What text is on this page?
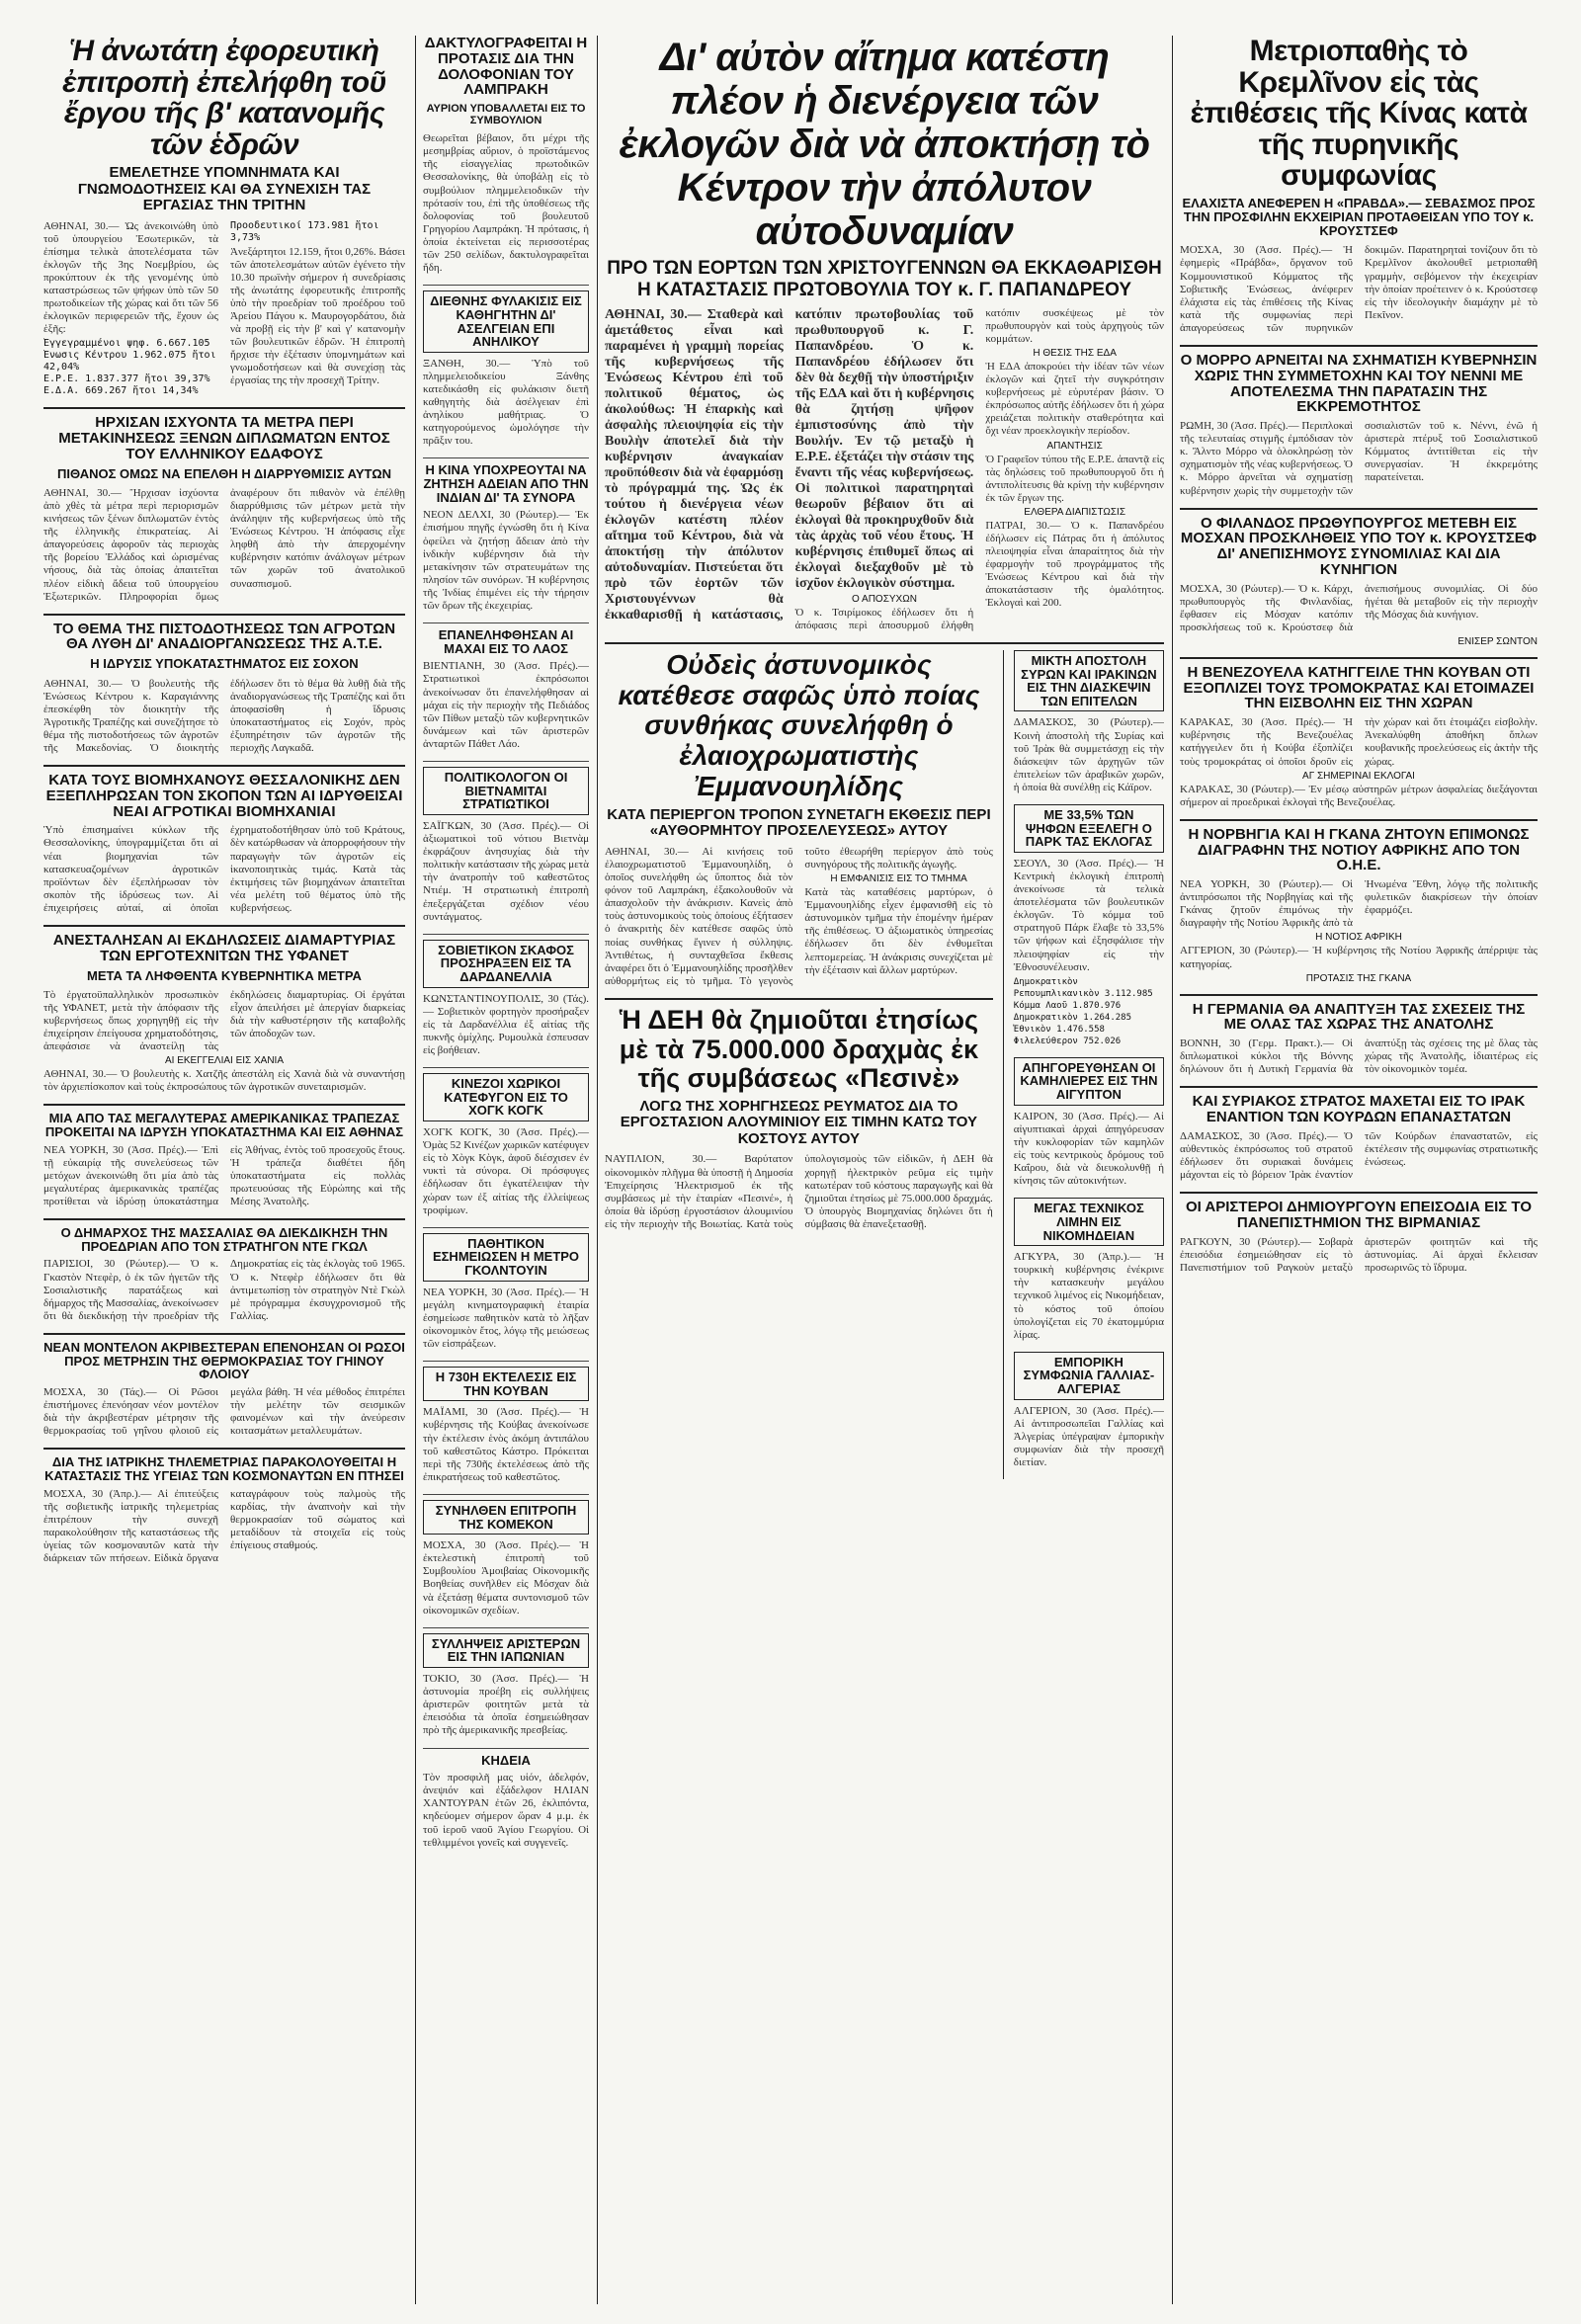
Ἡ ἀνωτάτη ἐφορευτικὴ ἐπιτροπὴ ἐπελήφθη τοῦ ἔργου τῆς β' κατανομῆς τῶν ἑδρῶν
ΕΜΕΛΕΤΗΣΕ ΥΠΟΜΝΗΜΑΤΑ ΚΑΙ ΓΝΩΜΟΔΟΤΗΣΕΙΣ ΚΑΙ ΘΑ ΣΥΝΕΧΙΣΗ ΤΑΣ ΕΡΓΑΣΙΑΣ ΤΗΝ ΤΡΙΤΗΝ

ΑΘΗΝΑΙ, 30.— Ὡς ἀνεκοινώθη ὑπὸ τοῦ ὑπουργείου Ἐσωτερικῶν, τὰ ἐπίσημα τελικὰ ἀποτελέσματα τῶν ἐκλογῶν τῆς 3ης Νοεμβρίου, ὡς προκύπτουν ἐκ τῆς γενομένης ὑπὸ καταστρώσεως τῶν ψήφων ὑπὸ τῶν 50 πρωτοδικείων τῆς χώρας καὶ ὅτι τῶν 56 ἐκλογικῶν περιφερειῶν τῆς, ἔχουν ὡς ἑξῆς:

Ἐγγεγραμμένοι ψηφ. 6.667.105
Ἕνωσις Κέντρου 1.962.075 ἤτοι 42,04%
Ε.Ρ.Ε. 1.837.377 ἤτοι 39,37%
Ε.Δ.Α. 669.267 ἤτοι 14,34%
Προοδευτικοί 173.981 ἤτοι 3,73%

Ἀνεξάρτητοι 12.159, ἤτοι 0,26%. Βάσει τῶν ἀποτελεσμάτων αὐτῶν ἐγένετο τὴν 10.30 πρωϊνὴν σήμερον ἡ συνεδρίασις τῆς ἀνωτάτης ἐφορευτικῆς ἐπιτροπῆς ὑπὸ τὴν προεδρίαν τοῦ προέδρου τοῦ Ἀρείου Πάγου κ. Μαυρογορδάτου, διὰ νὰ προβῇ εἰς τὴν β' καὶ γ' κατανομὴν τῶν βουλευτικῶν ἑδρῶν. Ἡ ἐπιτροπὴ ἤρχισε τὴν ἐξέτασιν ὑπομνημάτων καὶ γνωμοδοτήσεων καὶ θὰ συνεχίσῃ τὰς ἐργασίας της τὴν προσεχῆ Τρίτην.

ΗΡΧΙΣΑΝ ΙΣΧΥΟΝΤΑ ΤΑ ΜΕΤΡΑ ΠΕΡΙ ΜΕΤΑΚΙΝΗΣΕΩΣ ΞΕΝΩΝ ΔΙΠΛΩΜΑΤΩΝ ΕΝΤΟΣ ΤΟΥ ΕΛΛΗΝΙΚΟΥ ΕΔΑΦΟΥΣ
ΠΙΘΑΝΟΣ ΟΜΩΣ ΝΑ ΕΠΕΛΘΗ Η ΔΙΑΡΡΥΘΜΙΣΙΣ ΑΥΤΩΝ

ΑΘΗΝΑΙ, 30.— Ἤρχισαν ἰσχύοντα ἀπὸ χθὲς τὰ μέτρα περὶ περιορισμῶν κινήσεως τῶν ξένων διπλωματῶν ἐντὸς τῆς ἑλληνικῆς ἐπικρατείας. Αἱ ἀπαγορεύσεις ἀφοροῦν τὰς περιοχὰς τῆς βορείου Ἑλλάδος καὶ ὡρισμένας νήσους, διὰ τὰς ὁποίας ἀπαιτεῖται πλέον εἰδικὴ ἄδεια τοῦ ὑπουργείου Ἐξωτερικῶν. Πληροφορίαι ὅμως ἀναφέρουν ὅτι πιθανὸν νὰ ἐπέλθῃ διαρρύθμισις τῶν μέτρων μετὰ τὴν ἀνάληψιν τῆς κυβερνήσεως ὑπὸ τῆς Ἑνώσεως Κέντρου. Ἡ ἀπόφασις εἶχε ληφθῆ ἀπὸ τὴν ἀπερχομένην κυβέρνησιν κατόπιν ἀνάλογων μέτρων τῶν χωρῶν τοῦ ἀνατολικοῦ συνασπισμοῦ.

ΤΟ ΘΕΜΑ ΤΗΣ ΠΙΣΤΟΔΟΤΗΣΕΩΣ ΤΩΝ ΑΓΡΟΤΩΝ ΘΑ ΛΥΘΗ ΔΙ' ΑΝΑΔΙΟΡΓΑΝΩΣΕΩΣ ΤΗΣ Α.Τ.Ε.
Η ΙΔΡΥΣΙΣ ΥΠΟΚΑΤΑΣΤΗΜΑΤΟΣ ΕΙΣ ΣΟΧΟΝ

ΑΘΗΝΑΙ, 30.— Ὁ βουλευτὴς τῆς Ἑνώσεως Κέντρου κ. Καραγιάννης ἐπεσκέφθη τὸν διοικητὴν τῆς Ἀγροτικῆς Τραπέζης καὶ συνεζήτησε τὸ θέμα τῆς πιστοδοτήσεως τῶν ἀγροτῶν τῆς Μακεδονίας. Ὁ διοικητὴς ἐδήλωσεν ὅτι τὸ θέμα θὰ λυθῇ διὰ τῆς ἀναδιοργανώσεως τῆς Τραπέζης καὶ ὅτι ἀποφασίσθη ἡ ἵδρυσις ὑποκαταστήματος εἰς Σοχόν, πρὸς ἐξυπηρέτησιν τῶν ἀγροτῶν τῆς περιοχῆς Λαγκαδᾶ.

ΚΑΤΑ ΤΟΥΣ ΒΙΟΜΗΧΑΝΟΥΣ ΘΕΣΣΑΛΟΝΙΚΗΣ ΔΕΝ ΕΞΕΠΛΗΡΩΣΑΝ ΤΟΝ ΣΚΟΠΟΝ ΤΩΝ ΑΙ ΙΔΡΥΘΕΙΣΑΙ ΝΕΑΙ ΑΓΡΟΤΙΚΑΙ ΒΙΟΜΗΧΑΝΙΑΙ

Ὑπὸ ἐπισημαίνει κύκλων τῆς Θεσσαλονίκης, ὑπογραμμίζεται ὅτι αἱ νέαι βιομηχανίαι τῶν κατασκευαζομένων ἀγροτικῶν προϊόντων δὲν ἐξεπλήρωσαν τὸν σκοπὸν τῆς ἱδρύσεως των. Αἱ ἐπιχειρήσεις αὐταί, αἱ ὁποῖαι ἐχρηματοδοτήθησαν ὑπὸ τοῦ Κράτους, δὲν κατώρθωσαν νὰ ἀπορροφήσουν τὴν παραγωγὴν τῶν ἀγροτῶν εἰς ἱκανοποιητικὰς τιμάς. Κατὰ τὰς ἐκτιμήσεις τῶν βιομηχάνων ἀπαιτεῖται νέα μελέτη τοῦ θέματος ὑπὸ τῆς κυβερνήσεως.

ΑΝΕΣΤΑΛΗΣΑΝ ΑΙ ΕΚΔΗΛΩΣΕΙΣ ΔΙΑΜΑΡΤΥΡΙΑΣ ΤΩΝ ΕΡΓΟΤΕΧΝΙΤΩΝ ΤΗΣ ΥΦΑΝΕΤ
ΜΕΤΑ ΤΑ ΛΗΦΘΕΝΤΑ ΚΥΒΕΡΝΗΤΙΚΑ ΜΕΤΡΑ

Τὸ ἐργατοϋπαλληλικὸν προσωπικὸν τῆς ΥΦΑΝΕΤ, μετὰ τὴν ἀπόφασιν τῆς κυβερνήσεως ὅπως χορηγηθῇ εἰς τὴν ἐπιχείρησιν ἐπείγουσα χρηματοδότησις, ἀπεφάσισε νὰ ἀναστείλῃ τὰς ἐκδηλώσεις διαμαρτυρίας. Οἱ ἐργάται εἶχον ἀπειλήσει μὲ ἀπεργίαν διαρκείας διὰ τὴν καθυστέρησιν τῆς καταβολῆς τῶν ἀποδοχῶν των.

ΑΙ ΕΚΕΓΓΕΛΙΑΙ ΕΙΣ ΧΑΝΙΑ

ΑΘΗΝΑΙ, 30.— Ὁ βουλευτὴς κ. Χατζῆς ἀπεστάλη εἰς Χανιὰ διὰ νὰ συναντήσῃ τὸν ἀρχιεπίσκοπον καὶ τοὺς ἐκπροσώπους τῶν ἀγροτικῶν συνεταιρισμῶν.

ΜΙΑ ΑΠΟ ΤΑΣ ΜΕΓΑΛΥΤΕΡΑΣ ΑΜΕΡΙΚΑΝΙΚΑΣ ΤΡΑΠΕΖΑΣ ΠΡΟΚΕΙΤΑΙ ΝΑ ΙΔΡΥΣΗ ΥΠΟΚΑΤΑΣΤΗΜΑ ΚΑΙ ΕΙΣ ΑΘΗΝΑΣ

ΝΕΑ ΥΟΡΚΗ, 30 (Ἀσσ. Πρές).— Ἐπὶ τῇ εὐκαιρίᾳ τῆς συνελεύσεως τῶν μετόχων ἀνεκοινώθη ὅτι μία ἀπὸ τὰς μεγαλυτέρας ἀμερικανικὰς τραπέζας προτίθεται νὰ ἱδρύσῃ ὑποκατάστημα εἰς Ἀθήνας, ἐντὸς τοῦ προσεχοῦς ἔτους. Ἡ τράπεζα διαθέτει ἤδη ὑποκαταστήματα εἰς πολλὰς πρωτευούσας τῆς Εὐρώπης καὶ τῆς Μέσης Ἀνατολῆς.

Ο ΔΗΜΑΡΧΟΣ ΤΗΣ ΜΑΣΣΑΛΙΑΣ ΘΑ ΔΙΕΚΔΙΚΗΣΗ ΤΗΝ ΠΡΟΕΔΡΙΑΝ ΑΠΟ ΤΟΝ ΣΤΡΑΤΗΓΟΝ ΝΤΕ ΓΚΩΛ

ΠΑΡΙΣΙΟΙ, 30 (Ρώυτερ).— Ὁ κ. Γκαστὸν Ντεφὲρ, ὁ ἐκ τῶν ἡγετῶν τῆς Σοσιαλιστικῆς παρατάξεως καὶ δήμαρχος τῆς Μασσαλίας, ἀνεκοίνωσεν ὅτι θὰ διεκδικήσῃ τὴν προεδρίαν τῆς Δημοκρατίας εἰς τὰς ἐκλογὰς τοῦ 1965. Ὁ κ. Ντεφὲρ ἐδήλωσεν ὅτι θὰ ἀντιμετωπίσῃ τὸν στρατηγὸν Ντὲ Γκὼλ μὲ πρόγραμμα ἐκσυγχρονισμοῦ τῆς Γαλλίας.

ΝΕΑΝ ΜΟΝΤΕΛΟΝ ΑΚΡΙΒΕΣΤΕΡΑΝ ΕΠΕΝΟΗΣΑΝ ΟΙ ΡΩΣΟΙ ΠΡΟΣ ΜΕΤΡΗΣΙΝ ΤΗΣ ΘΕΡΜΟΚΡΑΣΙΑΣ ΤΟΥ ΓΗΙΝΟΥ ΦΛΟΙΟΥ

ΜΟΣΧΑ, 30 (Τάς).— Οἱ Ρῶσοι ἐπιστήμονες ἐπενόησαν νέον μοντέλον διὰ τὴν ἀκριβεστέραν μέτρησιν τῆς θερμοκρασίας τοῦ γηΐνου φλοιοῦ εἰς μεγάλα βάθη. Ἡ νέα μέθοδος ἐπιτρέπει τὴν μελέτην τῶν σεισμικῶν φαινομένων καὶ τὴν ἀνεύρεσιν κοιτασμάτων μεταλλευμάτων.

ΔΙΑ ΤΗΣ ΙΑΤΡΙΚΗΣ ΤΗΛΕΜΕΤΡΙΑΣ ΠΑΡΑΚΟΛΟΥΘΕΙΤΑΙ Η ΚΑΤΑΣΤΑΣΙΣ ΤΗΣ ΥΓΕΙΑΣ ΤΩΝ ΚΟΣΜΟΝΑΥΤΩΝ ΕΝ ΠΤΗΣΕΙ

ΜΟΣΧΑ, 30 (Ἀπρ.).— Αἱ ἐπιτεύξεις τῆς σοβιετικῆς ἰατρικῆς τηλεμετρίας ἐπιτρέπουν τὴν συνεχῆ παρακολούθησιν τῆς καταστάσεως τῆς ὑγείας τῶν κοσμοναυτῶν κατὰ τὴν διάρκειαν τῶν πτήσεων. Εἰδικὰ ὄργανα καταγράφουν τοὺς παλμοὺς τῆς καρδίας, τὴν ἀναπνοὴν καὶ τὴν θερμοκρασίαν τοῦ σώματος καὶ μεταδίδουν τὰ στοιχεῖα εἰς τοὺς ἐπίγειους σταθμούς.

ΔΑΚΤΥΛΟΓΡΑΦΕΙΤΑΙ Η ΠΡΟΤΑΣΙΣ ΔΙΑ ΤΗΝ ΔΟΛΟΦΟΝΙΑΝ ΤΟΥ ΛΑΜΠΡΑΚΗ
ΑΥΡΙΟΝ ΥΠΟΒΑΛΛΕΤΑΙ ΕΙΣ ΤΟ ΣΥΜΒΟΥΛΙΟΝ

Θεωρεῖται βέβαιον, ὅτι μέχρι τῆς μεσημβρίας αὔριον, ὁ προϊστάμενος τῆς εἰσαγγελίας πρωτοδικῶν Θεσσαλονίκης, θὰ ὑποβάλῃ εἰς τὸ συμβούλιον πλημμελειοδικῶν τὴν πρότασίν του, ἐπὶ τῆς ὑποθέσεως τῆς δολοφονίας τοῦ βουλευτοῦ Γρηγορίου Λαμπράκη. Ἡ πρότασις, ἡ ὁποία ἐκτείνεται εἰς περισσοτέρας τῶν 250 σελίδων, δακτυλογραφεῖται ἤδη.

ΔΙΕΘΝΗΣ ΦΥΛΑΚΙΣΙΣ ΕΙΣ ΚΑΘΗΓΗΤΗΝ ΔΙ' ΑΣΕΛΓΕΙΑΝ ΕΠΙ ΑΝΗΛΙΚΟΥ

ΞΑΝΘΗ, 30.— Ὑπὸ τοῦ πλημμελειοδικείου Ξάνθης κατεδικάσθη εἰς φυλάκισιν διετῆ καθηγητὴς διὰ ἀσέλγειαν ἐπὶ ἀνηλίκου μαθήτριας. Ὁ κατηγορούμενος ὡμολόγησε τὴν πρᾶξιν του.

Η ΚΙΝΑ ΥΠΟΧΡΕΟΥΤΑΙ ΝΑ ΖΗΤΗΣΗ ΑΔΕΙΑΝ ΑΠΟ ΤΗΝ ΙΝΔΙΑΝ ΔΙ' ΤΑ ΣΥΝΟΡΑ

ΝΕΟΝ ΔΕΛΧΙ, 30 (Ρώυτερ).— Ἐκ ἐπισήμου πηγῆς ἐγνώσθη ὅτι ἡ Κίνα ὀφείλει νὰ ζητήσῃ ἄδειαν ἀπὸ τὴν ἰνδικὴν κυβέρνησιν διὰ τὴν μετακίνησιν τῶν στρατευμάτων της πλησίον τῶν συνόρων. Ἡ κυβέρνησις τῆς Ἰνδίας ἐπιμένει εἰς τὴν τήρησιν τῶν ὅρων τῆς ἐκεχειρίας.

ΕΠΑΝΕΛΗΦΘΗΣΑΝ ΑΙ ΜΑΧΑΙ ΕΙΣ ΤΟ ΛΑΟΣ

ΒΙΕΝΤΙΑΝΗ, 30 (Ἀσσ. Πρές).— Στρατιωτικοὶ ἐκπρόσωποι ἀνεκοίνωσαν ὅτι ἐπανελήφθησαν αἱ μάχαι εἰς τὴν περιοχὴν τῆς Πεδιάδος τῶν Πίθων μεταξὺ τῶν κυβερνητικῶν δυνάμεων καὶ τῶν ἀριστερῶν ἀνταρτῶν Πάθετ Λάο.

ΠΟΛΙΤΙΚΟΛΟΓΟΝ ΟΙ ΒΙΕΤΝΑΜΙΤΑΙ ΣΤΡΑΤΙΩΤΙΚΟΙ

ΣΑΪΓΚΩΝ, 30 (Ἀσσ. Πρές).— Οἱ ἀξιωματικοὶ τοῦ νότιου Βιετνὰμ ἐκφράζουν ἀνησυχίας διὰ τὴν πολιτικὴν κατάστασιν τῆς χώρας μετὰ τὴν ἀνατροπὴν τοῦ καθεστῶτος Ντιέμ. Ἡ στρατιωτικὴ ἐπιτροπὴ ἐπεξεργάζεται σχέδιον νέου συντάγματος.

ΣΟΒΙΕΤΙΚΟΝ ΣΚΑΦΟΣ ΠΡΟΣΗΡΑΞΕΝ ΕΙΣ ΤΑ ΔΑΡΔΑΝΕΛΛΙΑ

ΚΩΝΣΤΑΝΤΙΝΟΥΠΟΛΙΣ, 30 (Τάς).— Σοβιετικὸν φορτηγὸν προσήραξεν εἰς τὰ Δαρδανέλλια ἐξ αἰτίας τῆς πυκνῆς ὁμίχλης. Ρυμουλκὰ ἐσπευσαν εἰς βοήθειαν.

ΚΙΝΕΖΟΙ ΧΩΡΙΚΟΙ ΚΑΤΕΦΥΓΟΝ ΕΙΣ ΤΟ ΧΟΓΚ ΚΟΓΚ

ΧΟΓΚ ΚΟΓΚ, 30 (Ἀσσ. Πρές).— Ὁμὰς 52 Κινέζων χωρικῶν κατέφυγεν εἰς τὸ Χὸγκ Κὸγκ, ἀφοῦ διέσχισεν ἐν νυκτὶ τὰ σύνορα. Οἱ πρόσφυγες ἐδήλωσαν ὅτι ἐγκατέλειψαν τὴν χώραν των ἐξ αἰτίας τῆς ἐλλείψεως τροφίμων.

ΠΑΘΗΤΙΚΟΝ ΕΣΗΜΕΙΩΣΕΝ Η ΜΕΤΡΟ ΓΚΟΛΝΤΟΥΙΝ

ΝΕΑ ΥΟΡΚΗ, 30 (Ἀσσ. Πρές).— Ἡ μεγάλη κινηματογραφικὴ ἑταιρία ἐσημείωσε παθητικὸν κατὰ τὸ λῆξαν οἰκονομικὸν ἔτος, λόγῳ τῆς μειώσεως τῶν εἰσπράξεων.

Η 730Η ΕΚΤΕΛΕΣΙΣ ΕΙΣ ΤΗΝ ΚΟΥΒΑΝ

ΜΑΪΑΜΙ, 30 (Ἀσσ. Πρές).— Ἡ κυβέρνησις τῆς Κούβας ἀνεκοίνωσε τὴν ἐκτέλεσιν ἑνὸς ἀκόμη ἀντιπάλου τοῦ καθεστῶτος Κάστρο. Πρόκειται περὶ τῆς 730ῆς ἐκτελέσεως ἀπὸ τῆς ἐπικρατήσεως τοῦ καθεστῶτος.

ΣΥΝΗΛΘΕΝ ΕΠΙΤΡΟΠΗ ΤΗΣ ΚΟΜΕΚΟΝ

ΜΟΣΧΑ, 30 (Ἀσσ. Πρές).— Ἡ ἐκτελεστικὴ ἐπιτροπὴ τοῦ Συμβουλίου Ἀμοιβαίας Οἰκονομικῆς Βοηθείας συνῆλθεν εἰς Μόσχαν διὰ νὰ ἐξετάσῃ θέματα συντονισμοῦ τῶν οἰκονομικῶν σχεδίων.

ΣΥΛΛΗΨΕΙΣ ΑΡΙΣΤΕΡΩΝ ΕΙΣ ΤΗΝ ΙΑΠΩΝΙΑΝ

ΤΟΚΙΟ, 30 (Ἀσσ. Πρές).— Ἡ ἀστυνομία προέβη εἰς συλλήψεις ἀριστερῶν φοιτητῶν μετὰ τὰ ἐπεισόδια τὰ ὁποῖα ἐσημειώθησαν πρὸ τῆς ἀμερικανικῆς πρεσβείας.

ΚΗΔΕΙΑ

Τὸν προσφιλῆ μας υἱόν, ἀδελφόν, ἀνεψιόν καὶ ἐξάδελφον ΗΛΙΑΝ ΧΑΝΤΟΥΡΑΝ ἐτῶν 26, ἐκλιπόντα, κηδεύομεν σήμερον ὥραν 4 μ.μ. ἐκ τοῦ ἰεροῦ ναοῦ Ἁγίου Γεωργίου. Οἱ τεθλιμμένοι γονεῖς καὶ συγγενεῖς.

Δι' αὐτὸν αἴτημα κατέστη πλέον ἡ διενέργεια τῶν ἐκλογῶν διὰ νὰ ἀποκτήσῃ τὸ Κέντρον τὴν ἀπόλυτον αὐτοδυναμίαν
ΠΡΟ ΤΩΝ ΕΟΡΤΩΝ ΤΩΝ ΧΡΙΣΤΟΥΓΕΝΝΩΝ ΘΑ ΕΚΚΑΘΑΡΙΣΘΗ Η ΚΑΤΑΣΤΑΣΙΣ ΠΡΩΤΟΒΟΥΛΙΑ ΤΟΥ κ. Γ. ΠΑΠΑΝΔΡΕΟΥ

ΑΘΗΝΑΙ, 30.— Σταθερὰ καὶ ἀμετάθετος εἶναι καὶ παραμένει ἡ γραμμὴ πορείας τῆς κυβερνήσεως τῆς Ἑνώσεως Κέντρου ἐπὶ τοῦ πολιτικοῦ θέματος, ὡς ἀκολούθως: Ἡ ἐπαρκὴς καὶ ἀσφαλὴς πλειοψηφία εἰς τὴν Βουλὴν ἀποτελεῖ διὰ τὴν κυβέρνησιν ἀναγκαίαν προϋπόθεσιν διὰ νὰ ἐφαρμόσῃ τὸ πρόγραμμά της. Ὡς ἐκ τούτου ἡ διενέργεια νέων ἐκλογῶν κατέστη πλέον αἴτημα τοῦ Κέντρου, διὰ νὰ ἀποκτήσῃ τὴν ἀπόλυτον αὐτοδυναμίαν. Πιστεύεται ὅτι πρὸ τῶν ἑορτῶν τῶν Χριστουγέννων θὰ ἐκκαθαρισθῇ ἡ κατάστασις, κατόπιν πρωτοβουλίας τοῦ πρωθυπουργοῦ κ. Γ. Παπανδρέου. Ὁ κ. Παπανδρέου ἐδήλωσεν ὅτι δὲν θὰ δεχθῇ τὴν ὑποστήριξιν τῆς ΕΔΑ καὶ ὅτι ἡ κυβέρνησις θὰ ζητήσῃ ψῆφον ἐμπιστοσύνης ἀπὸ τὴν Βουλήν. Ἐν τῷ μεταξὺ ἡ Ε.Ρ.Ε. ἐξετάζει τὴν στάσιν της ἔναντι τῆς νέας κυβερνήσεως. Οἱ πολιτικοὶ παρατηρηταὶ θεωροῦν βέβαιον ὅτι αἱ ἐκλογαὶ θὰ προκηρυχθοῦν διὰ τὰς ἀρχὰς τοῦ νέου ἔτους. Ἡ κυβέρνησις ἐπιθυμεῖ ὅπως αἱ ἐκλογαὶ διεξαχθοῦν μὲ τὸ ἰσχῦον ἐκλογικὸν σύστημα.

Ο ΑΠΟΣΥΧΩΝ

Ὁ κ. Τσιρίμοκος ἐδήλωσεν ὅτι ἡ ἀπόφασις περὶ ἀποσυρμοῦ ἐλήφθη κατόπιν συσκέψεως μὲ τὸν πρωθυπουργὸν καὶ τοὺς ἀρχηγοὺς τῶν κομμάτων.

Η ΘΕΣΙΣ ΤΗΣ ΕΔΑ

Ἡ ΕΔΑ ἀποκρούει τὴν ἰδέαν τῶν νέων ἐκλογῶν καὶ ζητεῖ τὴν συγκρότησιν κυβερνήσεως μὲ εὐρυτέραν βάσιν. Ὁ ἐκπρόσωπος αὐτῆς ἐδήλωσεν ὅτι ἡ χώρα χρειάζεται πολιτικὴν σταθερότητα καὶ ὄχι νέαν προεκλογικὴν περίοδον.

ΑΠΑΝΤΗΣΙΣ

Ὁ Γραφεῖον τύπου τῆς Ε.Ρ.Ε. ἀπαντᾷ εἰς τὰς δηλώσεις τοῦ πρωθυπουργοῦ ὅτι ἡ ἀντιπολίτευσις θὰ κρίνῃ τὴν κυβέρνησιν ἐκ τῶν ἔργων της.

ΕΛΘΕΡΑ ΔΙΑΠΙΣΤΩΣΙΣ

ΠΑΤΡΑΙ, 30.— Ὁ κ. Παπανδρέου ἐδήλωσεν εἰς Πάτρας ὅτι ἡ ἀπόλυτος πλειοψηφία εἶναι ἀπαραίτητος διὰ τὴν ἐφαρμογὴν τοῦ προγράμματος τῆς Ἑνώσεως Κέντρου καὶ διὰ τὴν ἀποκατάστασιν τῆς ὁμαλότητος. Ἐκλογαὶ καὶ 200.

Οὐδεὶς ἀστυνομικὸς κατέθεσε σαφῶς ὑπὸ ποίας συνθήκας συνελήφθη ὁ ἐλαιοχρωματιστὴς Ἐμμανουηλίδης
ΚΑΤΑ ΠΕΡΙΕΡΓΟΝ ΤΡΟΠΟΝ ΣΥΝΕΤΑΓΗ ΕΚΘΕΣΙΣ ΠΕΡΙ «ΑΥΘΟΡΜΗΤΟΥ ΠΡΟΣΕΛΕΥΣΕΩΣ» ΑΥΤΟΥ

ΑΘΗΝΑΙ, 30.— Αἱ κινήσεις τοῦ ἐλαιοχρωματιστοῦ Ἐμμανουηλίδη, ὁ ὁποῖος συνελήφθη ὡς ὕποπτος διὰ τὸν φόνον τοῦ Λαμπράκη, ἐξακολουθοῦν νὰ ἀπασχολοῦν τὴν ἀνάκρισιν. Κανεὶς ἀπὸ τοὺς ἀστυνομικοὺς τοὺς ὁποίους ἐξήτασεν ὁ ἀνακριτὴς δὲν κατέθεσε σαφῶς ὑπὸ ποίας συνθήκας ἔγινεν ἡ σύλληψις. Ἀντιθέτως, ἡ συνταχθεῖσα ἔκθεσις ἀναφέρει ὅτι ὁ Ἐμμανουηλίδης προσῆλθεν αὐθορμήτως εἰς τὸ τμῆμα. Τὸ γεγονὸς τοῦτο ἐθεωρήθη περίεργον ἀπὸ τοὺς συνηγόρους τῆς πολιτικῆς ἀγωγῆς.

Η ΕΜΦΑΝΙΣΙΣ ΕΙΣ ΤΟ ΤΜΗΜΑ

Κατὰ τὰς καταθέσεις μαρτύρων, ὁ Ἐμμανουηλίδης εἶχεν ἐμφανισθῆ εἰς τὸ ἀστυνομικὸν τμῆμα τὴν ἑπομένην ἡμέραν τῆς ἐπιθέσεως. Ὁ ἀξιωματικὸς ὑπηρεσίας ἐδήλωσεν ὅτι δὲν ἐνθυμεῖται λεπτομερείας. Ἡ ἀνάκρισις συνεχίζεται μὲ τὴν ἐξέτασιν καὶ ἄλλων μαρτύρων.

Ἡ ΔΕΗ θὰ ζημιοῦται ἐτησίως μὲ τὰ 75.000.000 δραχμὰς ἐκ τῆς συμβάσεως «Πεσινὲ»
ΛΟΓΩ ΤΗΣ ΧΟΡΗΓΗΣΕΩΣ ΡΕΥΜΑΤΟΣ ΔΙΑ ΤΟ ΕΡΓΟΣΤΑΣΙΟΝ ΑΛΟΥΜΙΝΙΟΥ ΕΙΣ ΤΙΜΗΝ ΚΑΤΩ ΤΟΥ ΚΟΣΤΟΥΣ ΑΥΤΟΥ

ΝΑΥΠΛΙΟΝ, 30.— Βαρύτατον οἰκονομικὸν πλῆγμα θὰ ὑποστῇ ἡ Δημοσία Ἐπιχείρησις Ἠλεκτρισμοῦ ἐκ τῆς συμβάσεως μὲ τὴν ἑταιρίαν «Πεσινέ», ἡ ὁποία θὰ ἱδρύσῃ ἐργοστάσιον ἀλουμινίου εἰς τὴν περιοχὴν τῆς Βοιωτίας. Κατὰ τοὺς ὑπολογισμοὺς τῶν εἰδικῶν, ἡ ΔΕΗ θὰ χορηγῇ ἠλεκτρικὸν ρεῦμα εἰς τιμὴν κατωτέραν τοῦ κόστους παραγωγῆς καὶ θὰ ζημιοῦται ἐτησίως μὲ 75.000.000 δραχμάς. Ὁ ὑπουργὸς Βιομηχανίας δηλώνει ὅτι ἡ σύμβασις θὰ ἐπανεξετασθῇ.

ΜΙΚΤΗ ΑΠΟΣΤΟΛΗ ΣΥΡΩΝ ΚΑΙ ΙΡΑΚΙΝΩΝ ΕΙΣ ΤΗΝ ΔΙΑΣΚΕΨΙΝ ΤΩΝ ΕΠΙΤΕΛΩΝ

ΔΑΜΑΣΚΟΣ, 30 (Ρώυτερ).— Κοινὴ ἀποστολὴ τῆς Συρίας καὶ τοῦ Ἰρὰκ θὰ συμμετάσχῃ εἰς τὴν διάσκεψιν τῶν ἀρχηγῶν τῶν ἐπιτελείων τῶν ἀραβικῶν χωρῶν, ἡ ὁποία θὰ συνέλθῃ εἰς Κάϊρον.

ΜΕ 33,5% ΤΩΝ ΨΗΦΩΝ ΕΞΕΛΕΓΗ Ο ΠΑΡΚ ΤΑΣ ΕΚΛΟΓΑΣ

ΣΕΟΥΛ, 30 (Ἀσσ. Πρές).— Ἡ Κεντρικὴ ἐκλογικὴ ἐπιτροπὴ ἀνεκοίνωσε τὰ τελικὰ ἀποτελέσματα τῶν βουλευτικῶν ἐκλογῶν. Τὸ κόμμα τοῦ στρατηγοῦ Πάρκ ἔλαβε τὸ 33,5% τῶν ψήφων καὶ ἐξησφάλισε τὴν πλειοψηφίαν εἰς τὴν Ἐθνοσυνέλευσιν.

Δημοκρατικὸν Ρεπουμπλικανικὸν 3.112.985
Κόμμα Λαοῦ 1.870.976
Δημοκρατικὸν 1.264.285
Ἐθνικὸν 1.476.558
Φιλελεύθερον 752.026
ΑΠΗΓΟΡΕΥΘΗΣΑΝ ΟΙ ΚΑΜΗΛΙΕΡΕΣ ΕΙΣ ΤΗΝ ΑΙΓΥΠΤΟΝ

ΚΑΙΡΟΝ, 30 (Ἀσσ. Πρές).— Αἱ αἰγυπτιακαὶ ἀρχαὶ ἀπηγόρευσαν τὴν κυκλοφορίαν τῶν καμηλῶν εἰς τοὺς κεντρικοὺς δρόμους τοῦ Καΐρου, διὰ νὰ διευκολυνθῇ ἡ κίνησις τῶν αὐτοκινήτων.

ΜΕΓΑΣ ΤΕΧΝΙΚΟΣ ΛΙΜΗΝ ΕΙΣ ΝΙΚΟΜΗΔΕΙΑΝ

ΑΓΚΥΡΑ, 30 (Ἀπρ.).— Ἡ τουρκικὴ κυβέρνησις ἐνέκρινε τὴν κατασκευὴν μεγάλου τεχνικοῦ λιμένος εἰς Νικομήδειαν, τὸ κόστος τοῦ ὁποίου ὑπολογίζεται εἰς 70 ἑκατομμύρια λίρας.

ΕΜΠΟΡΙΚΗ ΣΥΜΦΩΝΙΑ ΓΑΛΛΙΑΣ-ΑΛΓΕΡΙΑΣ

ΑΛΓΕΡΙΟΝ, 30 (Ἀσσ. Πρές).— Αἱ ἀντιπροσωπεῖαι Γαλλίας καὶ Ἀλγερίας ὑπέγραψαν ἐμπορικὴν συμφωνίαν διὰ τὴν προσεχῆ διετίαν.

Μετριοπαθὴς τὸ Κρεμλῖνον εἰς τὰς ἐπιθέσεις τῆς Κίνας κατὰ τῆς πυρηνικῆς συμφωνίας
ΕΛΑΧΙΣΤΑ ΑΝΕΦΕΡΕΝ Η «ΠΡΑΒΔΑ».— ΣΕΒΑΣΜΟΣ ΠΡΟΣ ΤΗΝ ΠΡΟΣΦΙΛΗΝ ΕΚΧΕΙΡΙΑΝ ΠΡΟΤΑΘΕΙΣΑΝ ΥΠΟ ΤΟΥ κ. ΚΡΟΥΣΤΣΕΦ

ΜΟΣΧΑ, 30 (Ἀσσ. Πρές).— Ἡ ἐφημερὶς «Πράβδα», ὄργανον τοῦ Κομμουνιστικοῦ Κόμματος τῆς Σοβιετικῆς Ἑνώσεως, ἀνέφερεν ἐλάχιστα εἰς τὰς ἐπιθέσεις τῆς Κίνας κατὰ τῆς συμφωνίας περὶ ἀπαγορεύσεως τῶν πυρηνικῶν δοκιμῶν. Παρατηρηταὶ τονίζουν ὅτι τὸ Κρεμλῖνον ἀκολουθεῖ μετριοπαθῆ γραμμὴν, σεβόμενον τὴν ἐκεχειρίαν τὴν ὁποίαν προέτεινεν ὁ κ. Κρούστσεφ εἰς τὴν ἰδεολογικὴν διαμάχην μὲ τὸ Πεκῖνον.

Ο ΜΟΡΡΟ ΑΡΝΕΙΤΑΙ ΝΑ ΣΧΗΜΑΤΙΣΗ ΚΥΒΕΡΝΗΣΙΝ ΧΩΡΙΣ ΤΗΝ ΣΥΜΜΕΤΟΧΗΝ ΚΑΙ ΤΟΥ ΝΕΝΝΙ ΜΕ ΑΠΟΤΕΛΕΣΜΑ ΤΗΝ ΠΑΡΑΤΑΣΙΝ ΤΗΣ ΕΚΚΡΕΜΟΤΗΤΟΣ

ΡΩΜΗ, 30 (Ἀσσ. Πρές).— Περιπλοκαὶ τῆς τελευταίας στιγμῆς ἐμπόδισαν τὸν κ. Ἄλντο Μόρρο νὰ ὁλοκληρώσῃ τὸν σχηματισμὸν τῆς νέας κυβερνήσεως. Ὁ κ. Μόρρο ἀρνεῖται νὰ σχηματίσῃ κυβέρνησιν χωρὶς τὴν συμμετοχὴν τῶν σοσιαλιστῶν τοῦ κ. Νέννι, ἐνῶ ἡ ἀριστερὰ πτέρυξ τοῦ Σοσιαλιστικοῦ Κόμματος ἀντιτίθεται εἰς τὴν συνεργασίαν. Ἡ ἐκκρεμότης παρατείνεται.

Ο ΦΙΛΑΝΔΟΣ ΠΡΩΘΥΠΟΥΡΓΟΣ ΜΕΤΕΒΗ ΕΙΣ ΜΟΣΧΑΝ ΠΡΟΣΚΛΗΘΕΙΣ ΥΠΟ ΤΟΥ κ. ΚΡΟΥΣΤΣΕΦ ΔΙ' ΑΝΕΠΙΣΗΜΟΥΣ ΣΥΝΟΜΙΛΙΑΣ ΚΑΙ ΔΙΑ ΚΥΝΗΓΙΟΝ

ΜΟΣΧΑ, 30 (Ρώυτερ).— Ὁ κ. Κάρχι, πρωθυπουργὸς τῆς Φινλανδίας, ἔφθασεν εἰς Μόσχαν κατόπιν προσκλήσεως τοῦ κ. Κρούστσεφ διὰ ἀνεπισήμους συνομιλίας. Οἱ δύο ἡγέται θὰ μεταβοῦν εἰς τὴν περιοχὴν τῆς Μόσχας διὰ κυνήγιον.

ΕΝΙΣΕΡ ΣΩΝΤΟΝ
Η ΒΕΝΕΖΟΥΕΛΑ ΚΑΤΗΓΓΕΙΛΕ ΤΗΝ ΚΟΥΒΑΝ ΟΤΙ ΕΞΟΠΛΙΖΕΙ ΤΟΥΣ ΤΡΟΜΟΚΡΑΤΑΣ ΚΑΙ ΕΤΟΙΜΑΖΕΙ ΤΗΝ ΕΙΣΒΟΛΗΝ ΕΙΣ ΤΗΝ ΧΩΡΑΝ

ΚΑΡΑΚΑΣ, 30 (Ἀσσ. Πρές).— Ἡ κυβέρνησις τῆς Βενεζουέλας κατήγγειλεν ὅτι ἡ Κούβα ἐξοπλίζει τοὺς τρομοκράτας οἱ ὁποῖοι δροῦν εἰς τὴν χώραν καὶ ὅτι ἑτοιμάζει εἰσβολὴν. Ἀνεκαλύφθη ἀποθήκη ὅπλων κουβανικῆς προελεύσεως εἰς ἀκτὴν τῆς χώρας.

ΑΓ ΣΗΜΕΡΙΝΑΙ ΕΚΛΟΓΑΙ

ΚΑΡΑΚΑΣ, 30 (Ρώυτερ).— Ἐν μέσῳ αὐστηρῶν μέτρων ἀσφαλείας διεξάγονται σήμερον αἱ προεδρικαὶ ἐκλογαὶ τῆς Βενεζουέλας.

Η ΝΟΡΒΗΓΙΑ ΚΑΙ Η ΓΚΑΝΑ ΖΗΤΟΥΝ ΕΠΙΜΟΝΩΣ ΔΙΑΓΡΑΦΗΝ ΤΗΣ ΝΟΤΙΟΥ ΑΦΡΙΚΗΣ ΑΠΟ ΤΟΝ Ο.Η.Ε.

ΝΕΑ ΥΟΡΚΗ, 30 (Ρώυτερ).— Οἱ ἀντιπρόσωποι τῆς Νορβηγίας καὶ τῆς Γκάνας ζητοῦν ἐπιμόνως τὴν διαγραφὴν τῆς Νοτίου Ἀφρικῆς ἀπὸ τὰ Ἡνωμένα Ἔθνη, λόγῳ τῆς πολιτικῆς φυλετικῶν διακρίσεων τὴν ὁποίαν ἐφαρμόζει.

Η ΝΟΤΙΟΣ ΑΦΡΙΚΗ

ΑΓΓΕΡΙΟΝ, 30 (Ρώυτερ).— Ἡ κυβέρνησις τῆς Νοτίου Ἀφρικῆς ἀπέρριψε τὰς κατηγορίας.

ΠΡΟΤΑΣΙΣ ΤΗΣ ΓΚΑΝΑ
Η ΓΕΡΜΑΝΙΑ ΘΑ ΑΝΑΠΤΥΞΗ ΤΑΣ ΣΧΕΣΕΙΣ ΤΗΣ ΜΕ ΟΛΑΣ ΤΑΣ ΧΩΡΑΣ ΤΗΣ ΑΝΑΤΟΛΗΣ

ΒΟΝΝΗ, 30 (Γερμ. Πρακτ.).— Οἱ διπλωματικοὶ κύκλοι τῆς Βόννης δηλώνουν ὅτι ἡ Δυτικὴ Γερμανία θὰ ἀναπτύξῃ τὰς σχέσεις της μὲ ὅλας τὰς χώρας τῆς Ἀνατολῆς, ἰδιαιτέρως εἰς τὸν οἰκονομικὸν τομέα.

ΚΑΙ ΣΥΡΙΑΚΟΣ ΣΤΡΑΤΟΣ ΜΑΧΕΤΑΙ ΕΙΣ ΤΟ ΙΡΑΚ ΕΝΑΝΤΙΟΝ ΤΩΝ ΚΟΥΡΔΩΝ ΕΠΑΝΑΣΤΑΤΩΝ

ΔΑΜΑΣΚΟΣ, 30 (Ἀσσ. Πρές).— Ὁ αὐθεντικὸς ἐκπρόσωπος τοῦ στρατοῦ ἐδήλωσεν ὅτι συριακαὶ δυνάμεις μάχονται εἰς τὸ βόρειον Ἰρὰκ ἐναντίον τῶν Κούρδων ἐπαναστατῶν, εἰς ἐκτέλεσιν τῆς συμφωνίας στρατιωτικῆς ἑνώσεως.

ΟΙ ΑΡΙΣΤΕΡΟΙ ΔΗΜΙΟΥΡΓΟΥΝ ΕΠΕΙΣΟΔΙΑ ΕΙΣ ΤΟ ΠΑΝΕΠΙΣΤΗΜΙΟΝ ΤΗΣ ΒΙΡΜΑΝΙΑΣ

ΡΑΓΚΟΥΝ, 30 (Ρώυτερ).— Σοβαρὰ ἐπεισόδια ἐσημειώθησαν εἰς τὸ Πανεπιστήμιον τοῦ Ραγκοὺν μεταξὺ ἀριστερῶν φοιτητῶν καὶ τῆς ἀστυνομίας. Αἱ ἀρχαὶ ἔκλεισαν προσωρινῶς τὸ ἵδρυμα.
